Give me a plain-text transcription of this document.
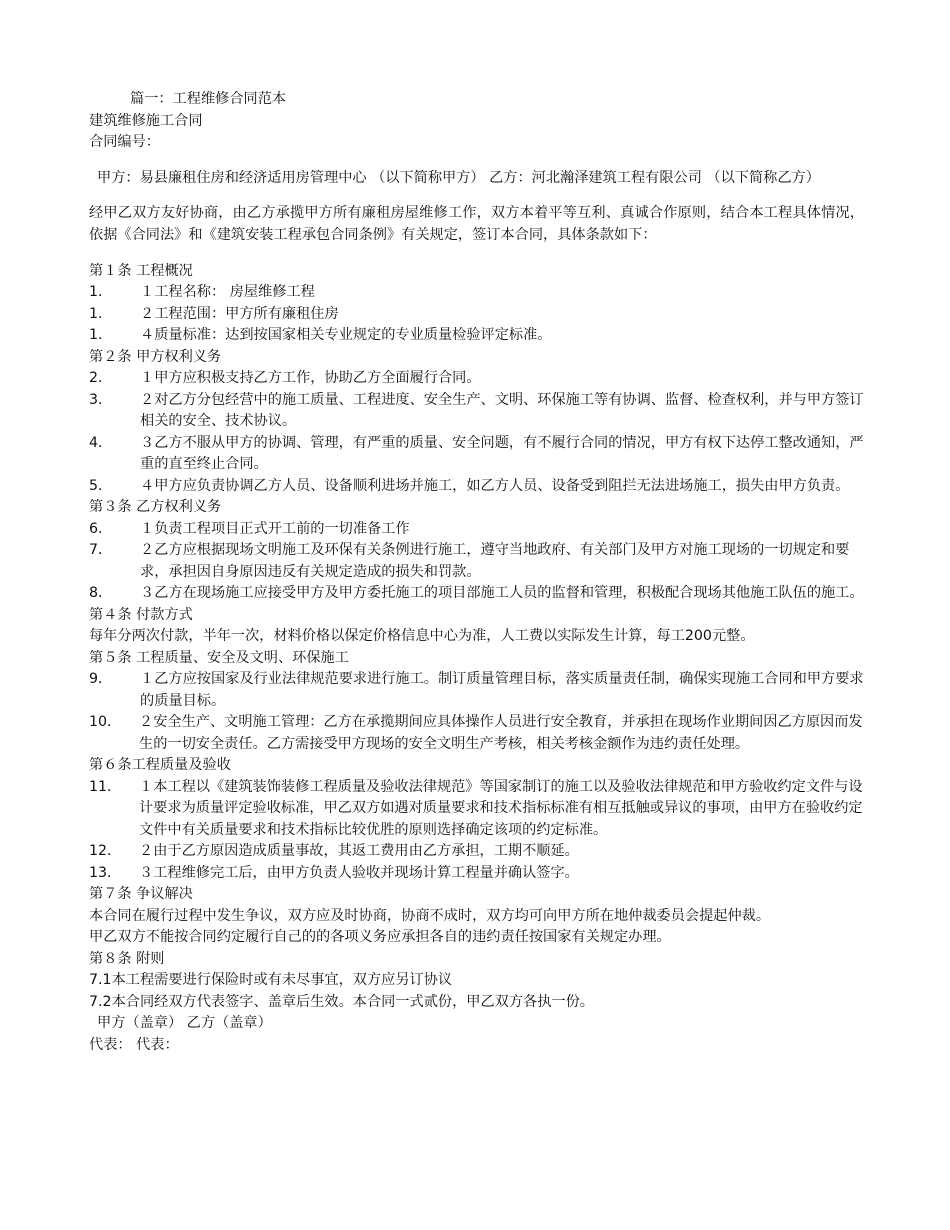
篇一：工程维修合同范本

建筑维修施工合同

合同编号：

甲方：易县廉租住房和经济适用房管理中心 （以下简称甲方） 乙方：河北瀚泽建筑工程有限公司 （以下简称乙方）

经甲乙双方友好协商，由乙方承揽甲方所有廉租房屋维修工作，双方本着平等互利、真诚合作原则，结合本工程具体情况，依据《合同法》和《建筑安装工程承包合同条例》有关规定，签订本合同，具体条款如下：

第１条 工程概况

1．	１工程名称： 房屋维修工程
1．	２工程范围：甲方所有廉租住房
1．	４质量标准：达到按国家相关专业规定的专业质量检验评定标准。

第２条 甲方权利义务

2．	１甲方应积极支持乙方工作，协助乙方全面履行合同。
3．	２对乙方分包经营中的施工质量、工程进度、安全生产、文明、环保施工等有协调、监督、检查权利，并与甲方签订相关的安全、技术协议。
4．	３乙方不服从甲方的协调、管理，有严重的质量、安全问题，有不履行合同的情况，甲方有权下达停工整改通知，严重的直至终止合同。
5．	４甲方应负责协调乙方人员、设备顺利进场并施工，如乙方人员、设备受到阻拦无法进场施工，损失由甲方负责。

第３条 乙方权利义务

6．	１负责工程项目正式开工前的一切准备工作
7．	２乙方应根据现场文明施工及环保有关条例进行施工，遵守当地政府、有关部门及甲方对施工现场的一切规定和要求，承担因自身原因违反有关规定造成的损失和罚款。
8．	３乙方在现场施工应接受甲方及甲方委托施工的项目部施工人员的监督和管理，积极配合现场其他施工队伍的施工。

第４条 付款方式

每年分两次付款，半年一次，材料价格以保定价格信息中心为准，人工费以实际发生计算，每工200元整。

第５条 工程质量、安全及文明、环保施工

9．	１乙方应按国家及行业法律规范要求进行施工。制订质量管理目标，落实质量责任制，确保实现施工合同和甲方要求的质量目标。
10．	２安全生产、文明施工管理：乙方在承揽期间应具体操作人员进行安全教育，并承担在现场作业期间因乙方原因而发生的一切安全责任。乙方需接受甲方现场的安全文明生产考核，相关考核金额作为违约责任处理。

第６条工程质量及验收

11．	１本工程以《建筑装饰装修工程质量及验收法律规范》等国家制订的施工以及验收法律规范和甲方验收约定文件与设计要求为质量评定验收标准，甲乙双方如遇对质量要求和技术指标标准有相互抵触或异议的事项，由甲方在验收约定文件中有关质量要求和技术指标比较优胜的原则选择确定该项的约定标准。
12．	２由于乙方原因造成质量事故，其返工费用由乙方承担，工期不顺延。
13．	３工程维修完工后，由甲方负责人验收并现场计算工程量并确认签字。

第７条 争议解决

本合同在履行过程中发生争议，双方应及时协商，协商不成时，双方均可向甲方所在地仲裁委员会提起仲裁。

甲乙双方不能按合同约定履行自己的的各项义务应承担各自的违约责任按国家有关规定办理。

第８条 附则

7.1本工程需要进行保险时或有未尽事宜，双方应另订协议

7.2本合同经双方代表签字、盖章后生效。本合同一式贰份，甲乙双方各执一份。

甲方（盖章） 乙方（盖章）

代表： 代表：
